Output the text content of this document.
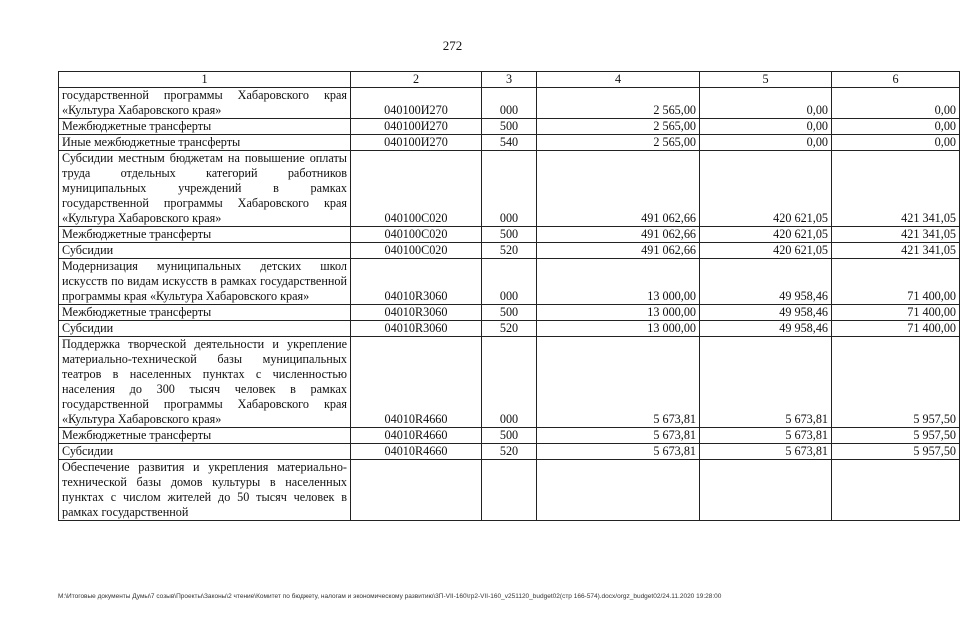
272
1	2	3	4	5	6
государственной программы Хабаровского края «Культура Хабаровского края»	040100И270	000	2 565,00	0,00	0,00
Межбюджетные трансферты	040100И270	500	2 565,00	0,00	0,00
Иные межбюджетные трансферты	040100И270	540	2 565,00	0,00	0,00
Субсидии местным бюджетам на повышение оплаты труда отдельных категорий работников муниципальных учреждений в рамках государственной программы Хабаровского края «Культура Хабаровского края»	040100С020	000	491 062,66	420 621,05	421 341,05
Межбюджетные трансферты	040100С020	500	491 062,66	420 621,05	421 341,05
Субсидии	040100С020	520	491 062,66	420 621,05	421 341,05
Модернизация муниципальных детских школ искусств по видам искусств в рамках государственной программы края «Культура Хабаровского края»	04010R3060	000	13 000,00	49 958,46	71 400,00
Межбюджетные трансферты	04010R3060	500	13 000,00	49 958,46	71 400,00
Субсидии	04010R3060	520	13 000,00	49 958,46	71 400,00
Поддержка творческой деятельности и укрепление материально-технической базы муниципальных театров в населенных пунктах с численностью населения до 300 тысяч человек в рамках государственной программы Хабаровского края «Культура Хабаровского края»	04010R4660	000	5 673,81	5 673,81	5 957,50
Межбюджетные трансферты	04010R4660	500	5 673,81	5 673,81	5 957,50
Субсидии	04010R4660	520	5 673,81	5 673,81	5 957,50
Обеспечение развития и укрепления материально-технической базы домов культуры в населенных пунктах с числом жителей до 50 тысяч человек в рамках государственной					
M:\Итоговые документы Думы\7 созыв\Проекты\Законы\2 чтение\Комитет по бюджету, налогам и экономическому развитию\3П-VII-160\гр2-VII-160_v251120_budget02(стр 166-574).docx/orgz_budget02/24.11.2020 19:28:00
